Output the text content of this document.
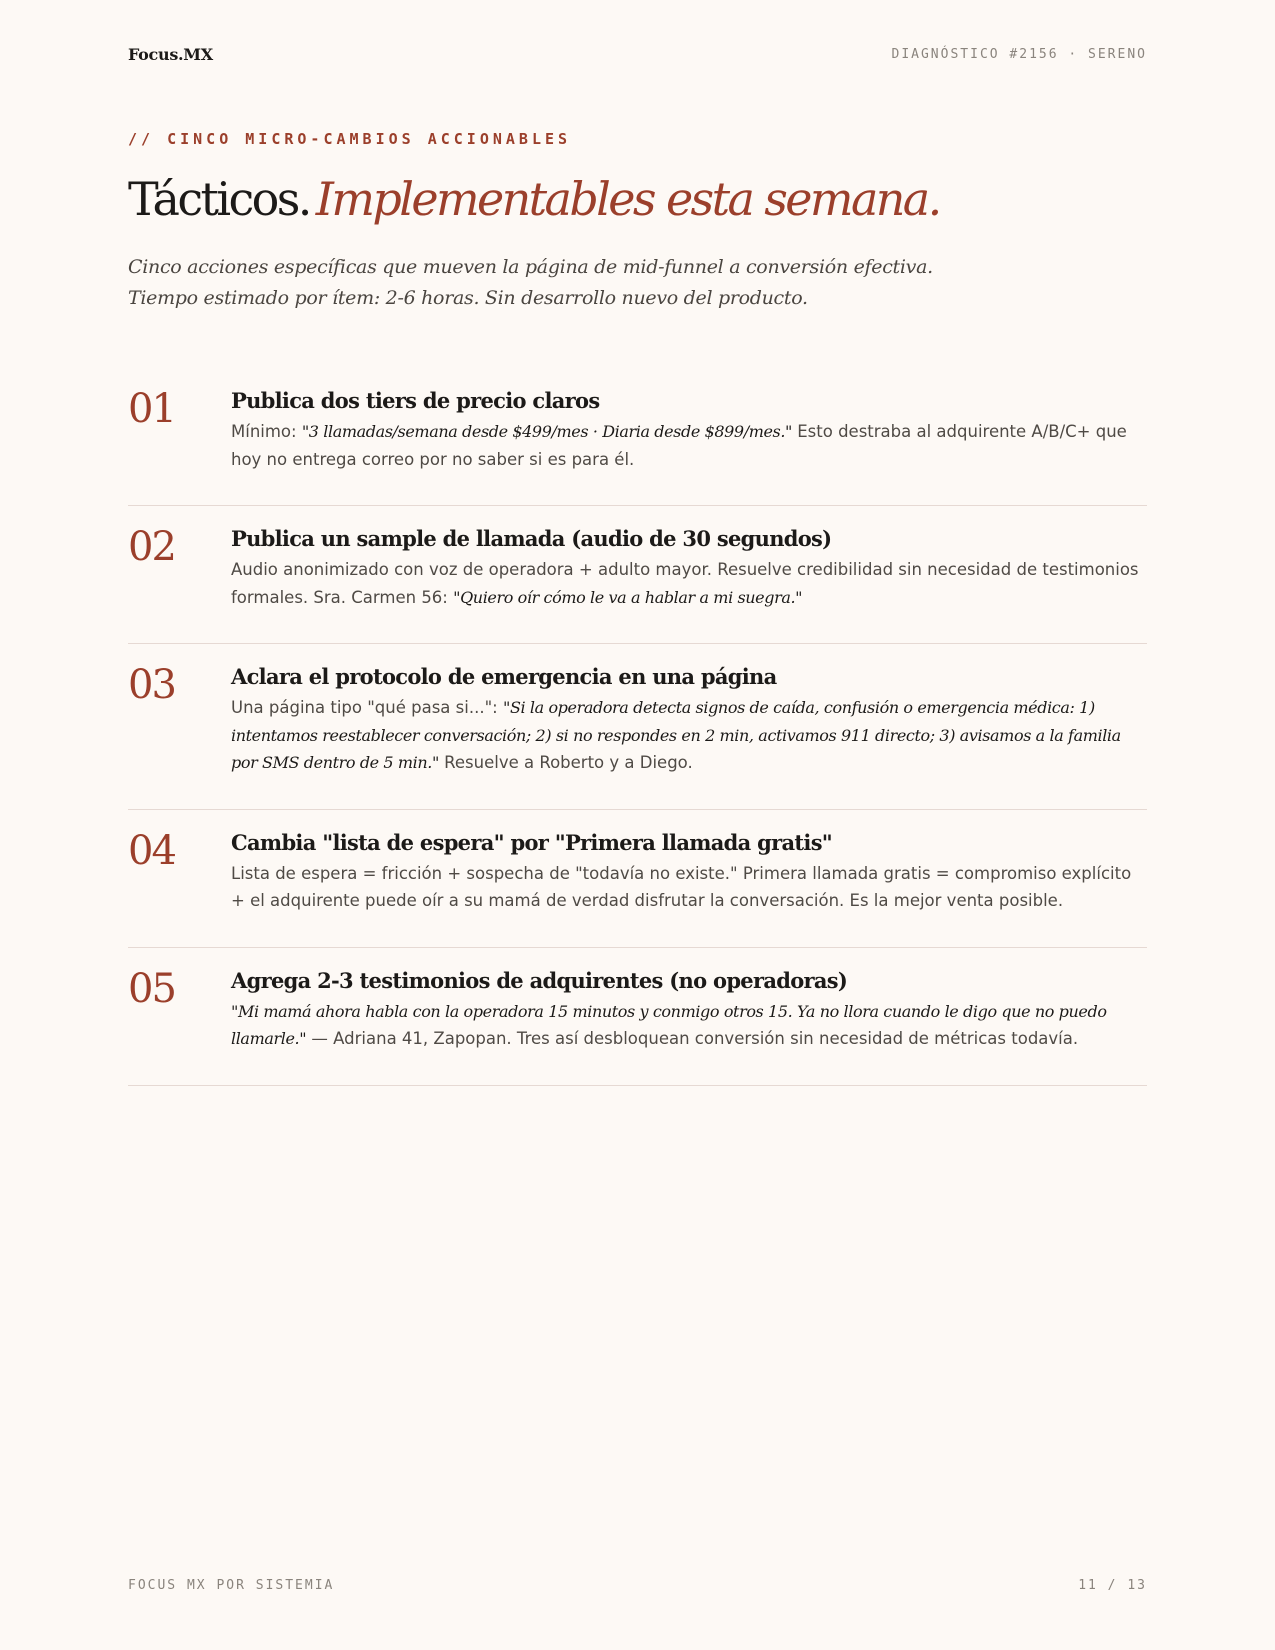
Focus.MX	DIAGNÓSTICO #2156 · SERENO
// CINCO MICRO-CAMBIOS ACCIONABLES
Tácticos. Implementables esta semana.
Cinco acciones específicas que mueven la página de mid-funnel a conversión efectiva.
Tiempo estimado por ítem: 2-6 horas. Sin desarrollo nuevo del producto.
01	Publica dos tiers de precio claros

Mínimo: "3 llamadas/semana desde $499/mes · Diaria desde $899/mes." Esto destraba al adquirente A/B/C+ que hoy no entrega correo por no saber si es para él.

02	Publica un sample de llamada (audio de 30 segundos)

Audio anonimizado con voz de operadora + adulto mayor. Resuelve credibilidad sin necesidad de testimonios formales. Sra. Carmen 56: "Quiero oír cómo le va a hablar a mi suegra."

03	Aclara el protocolo de emergencia en una página

Una página tipo "qué pasa si...": "Si la operadora detecta signos de caída, confusión o emergencia médica: 1) intentamos reestablecer conversación; 2) si no respondes en 2 min, activamos 911 directo; 3) avisamos a la familia por SMS dentro de 5 min." Resuelve a Roberto y a Diego.

04	Cambia "lista de espera" por "Primera llamada gratis"

Lista de espera = fricción + sospecha de "todavía no existe." Primera llamada gratis = compromiso explícito + el adquirente puede oír a su mamá de verdad disfrutar la conversación. Es la mejor venta posible.

05	Agrega 2-3 testimonios de adquirentes (no operadoras)

"Mi mamá ahora habla con la operadora 15 minutos y conmigo otros 15. Ya no llora cuando le digo que no puedo llamarle." — Adriana 41, Zapopan. Tres así desbloquean conversión sin necesidad de métricas todavía.

FOCUS MX POR SISTEMIA	11 / 13
